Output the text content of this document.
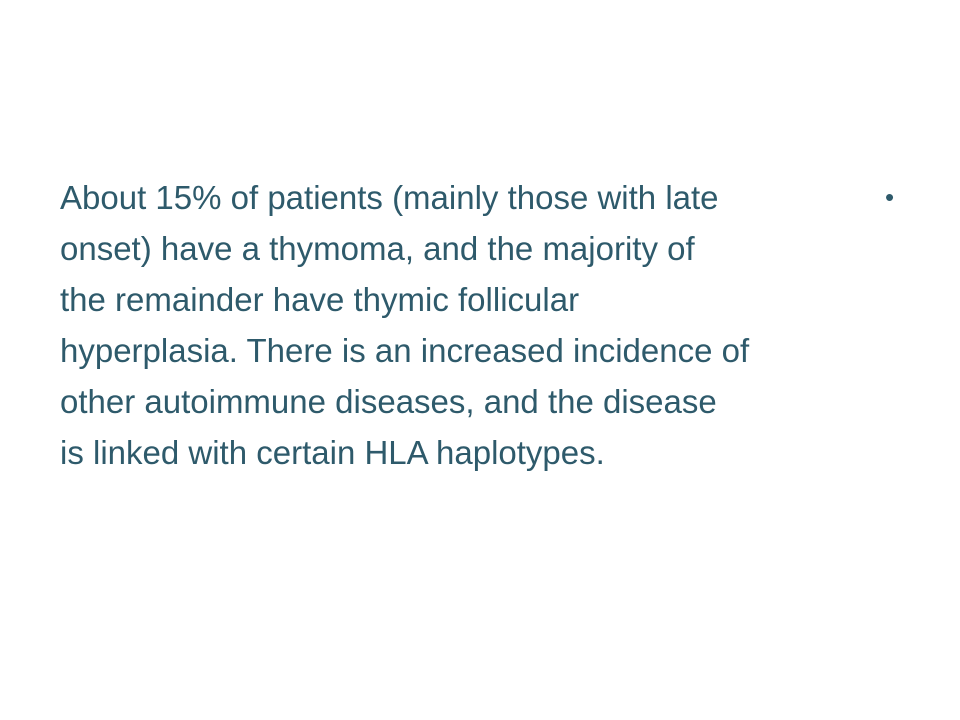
About 15% of patients (mainly those with late
onset) have a thymoma, and the majority of
the remainder have thymic follicular
hyperplasia. There is an increased incidence of
other autoimmune diseases, and the disease
is linked with certain HLA haplotypes.
•
